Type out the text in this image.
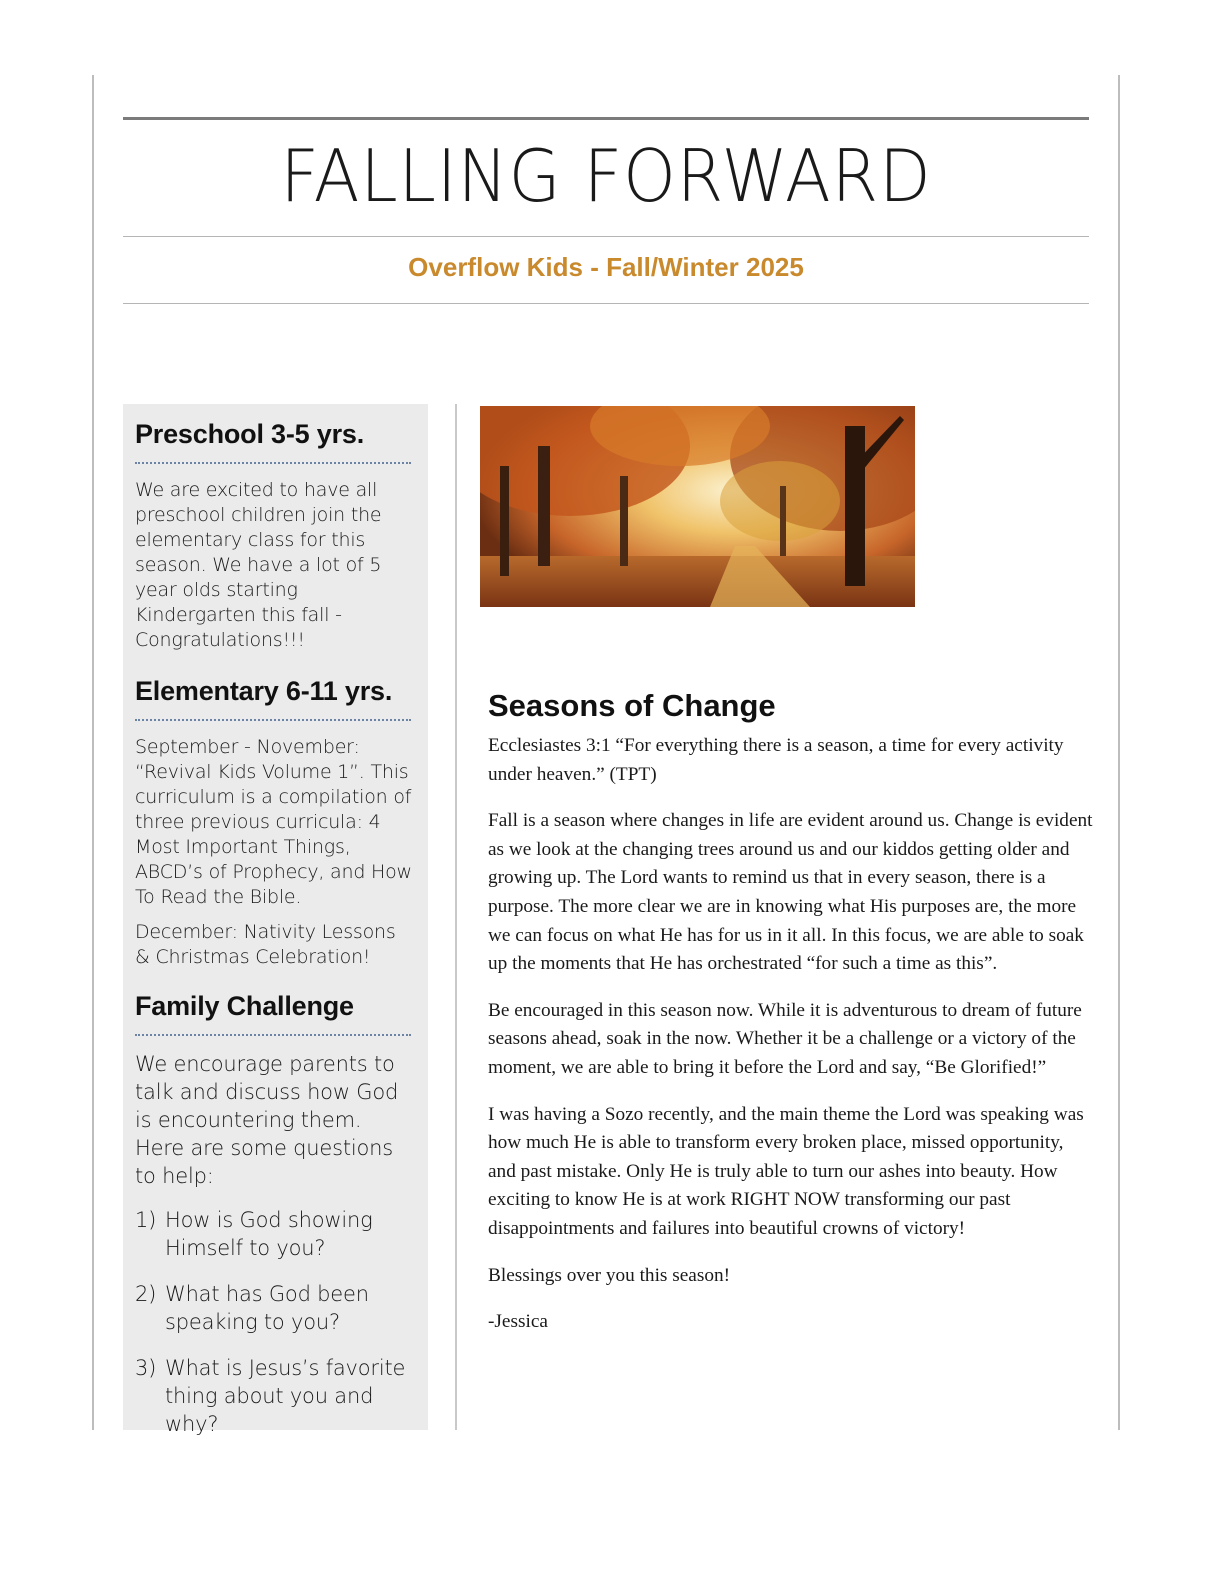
FALLING FORWARD

Overflow Kids - Fall/Winter 2025

Preschool 3-5 yrs.

We are excited to have all preschool children join the elementary class for this season. We have a lot of 5 year olds starting Kindergarten this fall - Congratulations!!!

Elementary 6-11 yrs.

September - November: “Revival Kids Volume 1”. This curriculum is a compilation of three previous curricula: 4 Most Important Things, ABCD’s of Prophecy, and How To Read the Bible.

December: Nativity Lessons & Christmas Celebration!

Family Challenge

We encourage parents to talk and discuss how God is encountering them. Here are some questions to help:

1) How is God showing Himself to you?
2) What has God been speaking to you?
3) What is Jesus’s favorite thing about you and why?
Seasons of Change

Ecclesiastes 3:1 “For everything there is a season, a time for every activity under heaven.” (TPT)

Fall is a season where changes in life are evident around us. Change is evident as we look at the changing trees around us and our kiddos getting older and growing up. The Lord wants to remind us that in every season, there is a purpose. The more clear we are in knowing what His purposes are, the more we can focus on what He has for us in it all. In this focus, we are able to soak up the moments that He has orchestrated “for such a time as this”.

Be encouraged in this season now. While it is adventurous to dream of future seasons ahead, soak in the now. Whether it be a challenge or a victory of the moment, we are able to bring it before the Lord and say, “Be Glorified!”

I was having a Sozo recently, and the main theme the Lord was speaking was how much He is able to transform every broken place, missed opportunity, and past mistake. Only He is truly able to turn our ashes into beauty. How exciting to know He is at work RIGHT NOW transforming our past disappointments and failures into beautiful crowns of victory!

Blessings over you this season!

-Jessica
